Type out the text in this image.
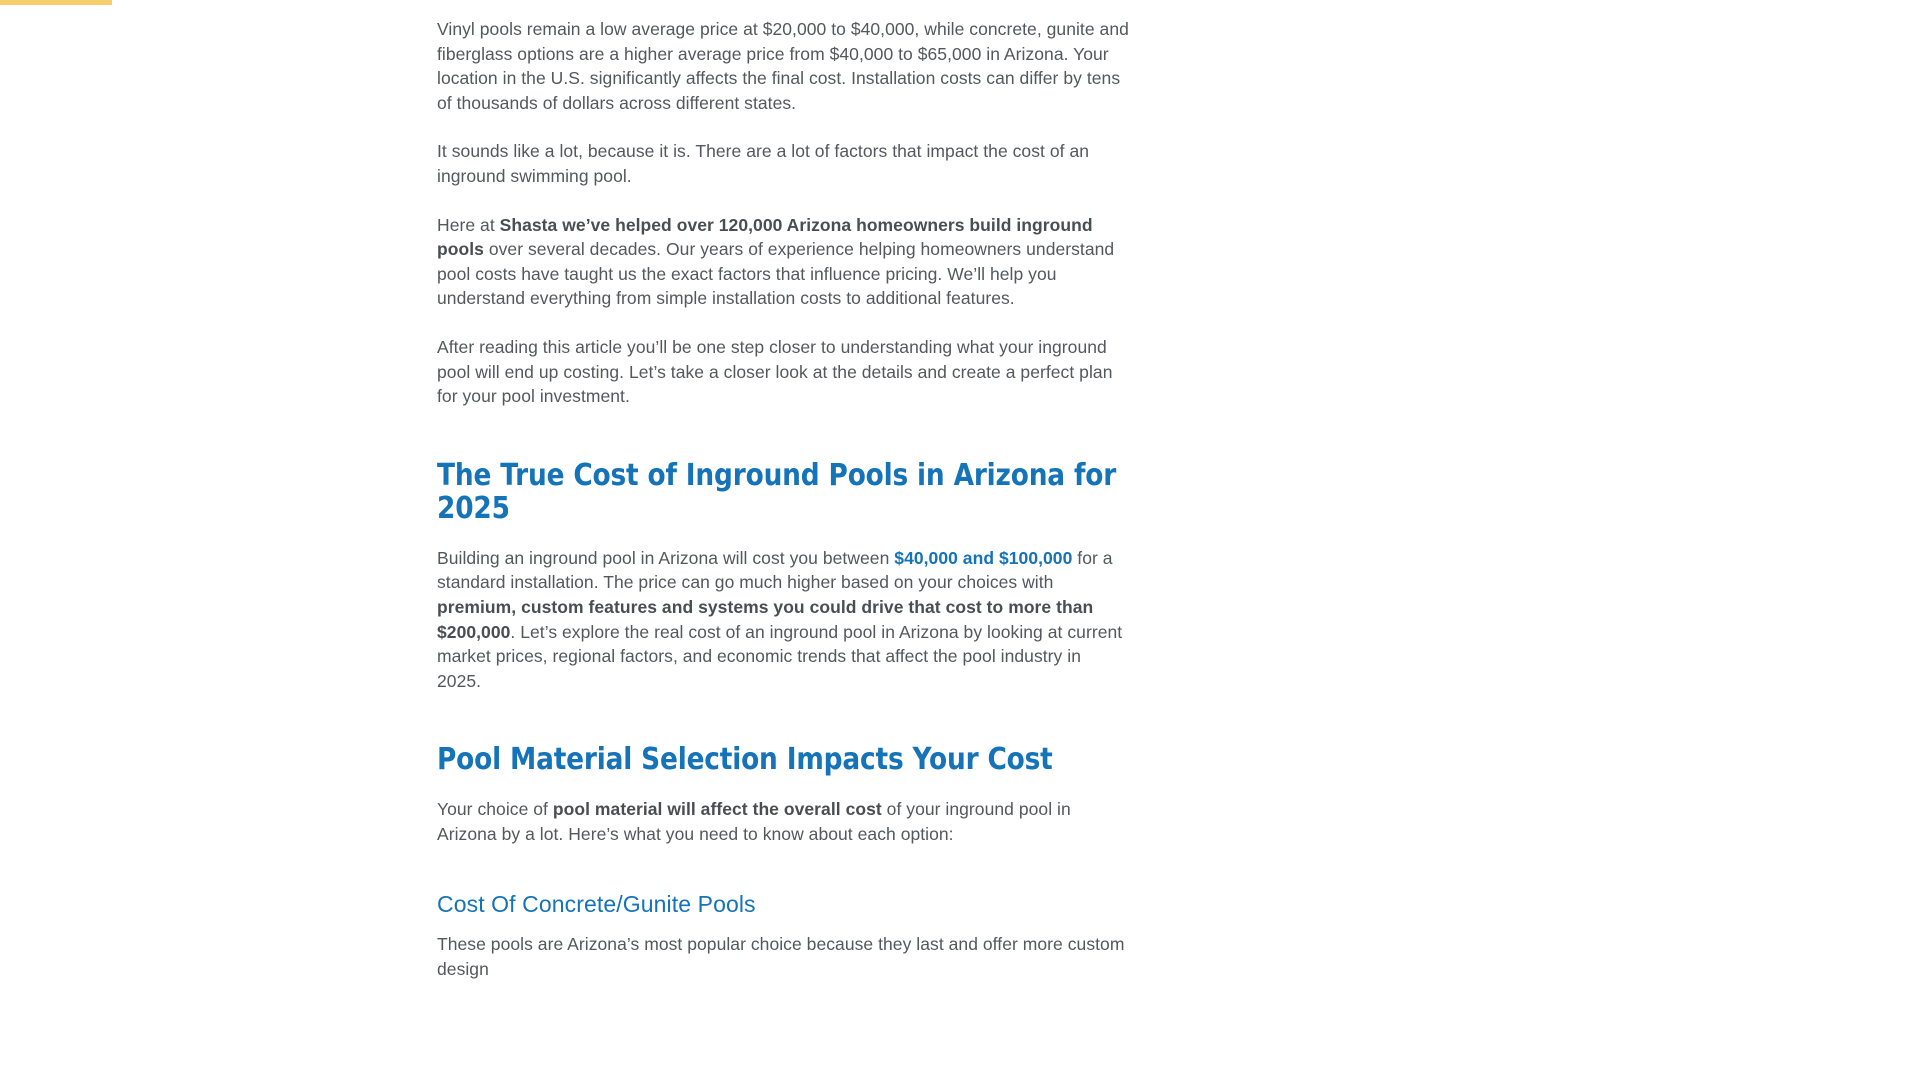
Vinyl pools remain a low average price at $20,000 to $40,000, while concrete, gunite and fiberglass options are a higher average price from $40,000 to $65,000 in Arizona. Your location in the U.S. significantly affects the final cost. Installation costs can differ by tens of thousands of dollars across different states.

It sounds like a lot, because it is. There are a lot of factors that impact the cost of an inground swimming pool.

Here at Shasta we’ve helped over 120,000 Arizona homeowners build inground pools over several decades. Our years of experience helping homeowners understand pool costs have taught us the exact factors that influence pricing. We’ll help you understand everything from simple installation costs to additional features.

After reading this article you’ll be one step closer to understanding what your inground pool will end up costing. Let’s take a closer look at the details and create a perfect plan for your pool investment.

The True Cost of Inground Pools in Arizona for 2025

Building an inground pool in Arizona will cost you between $40,000 and $100,000 for a standard installation. The price can go much higher based on your choices with premium, custom features and systems you could drive that cost to more than $200,000. Let’s explore the real cost of an inground pool in Arizona by looking at current market prices, regional factors, and economic trends that affect the pool industry in 2025.

Pool Material Selection Impacts Your Cost

Your choice of pool material will affect the overall cost of your inground pool in Arizona by a lot. Here’s what you need to know about each option:

Cost Of Concrete/Gunite Pools

These pools are Arizona’s most popular choice because they last and offer more custom design
